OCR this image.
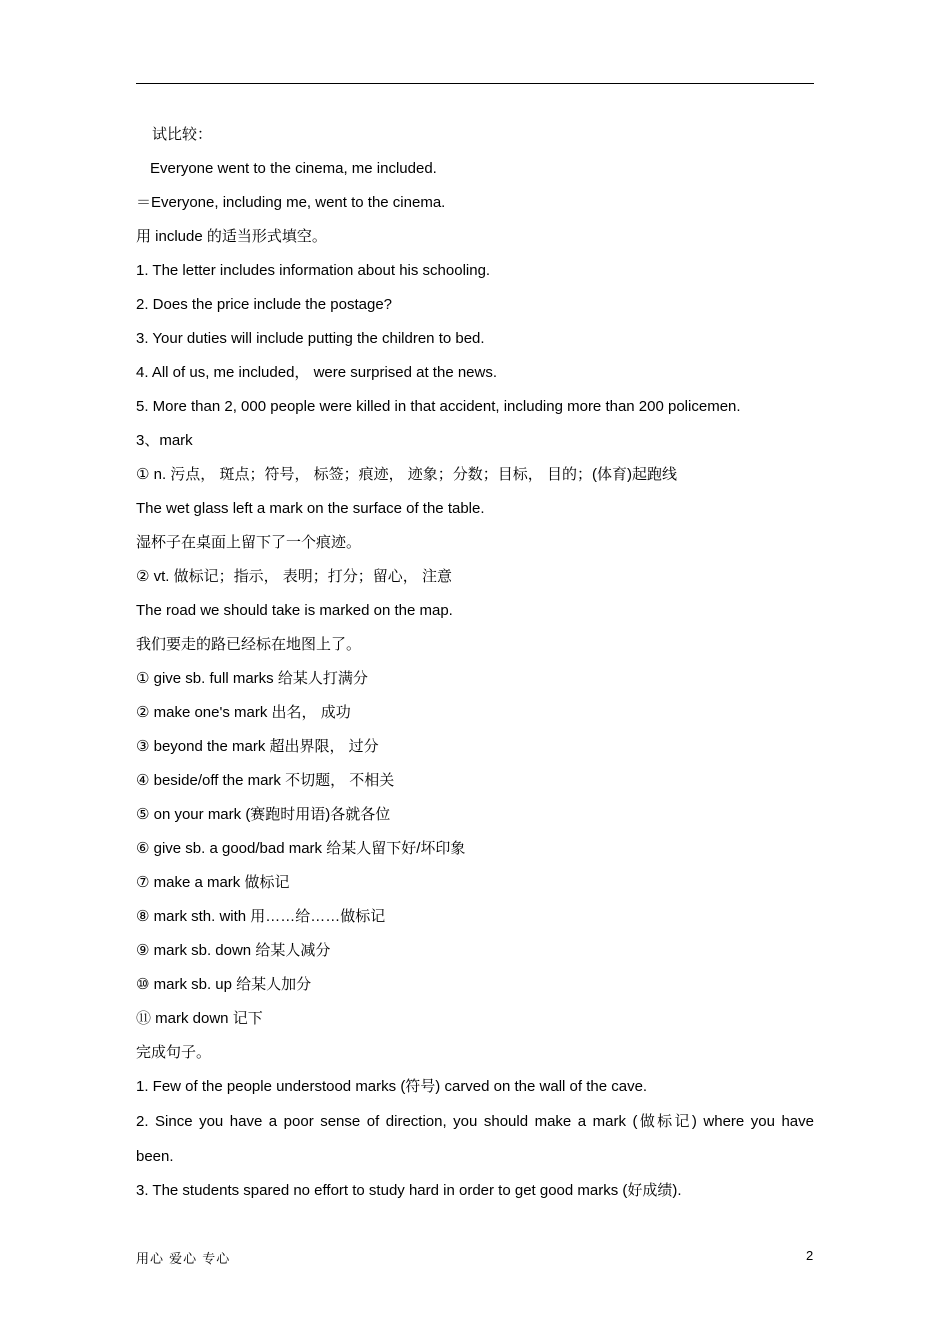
试比较：
Everyone went to the cinema, me included.
＝Everyone, including me, went to the cinema.
用 include 的适当形式填空。
1. The letter includes information about his schooling.
2. Does the price include the postage?
3. Your duties will include putting the children to bed.
4. All of us, me included， were surprised at the news.
5. More than 2, 000 people were killed in that accident, including more than 200 policemen.
3、mark
① n. 污点， 斑点；符号， 标签；痕迹， 迹象；分数；目标， 目的；(体育)起跑线
The wet glass left a mark on the surface of the table.
湿杯子在桌面上留下了一个痕迹。
② vt. 做标记；指示， 表明；打分；留心， 注意
The road we should take is marked on the map.
我们要走的路已经标在地图上了。
① give sb. full marks 给某人打满分
② make one's mark 出名， 成功
③ beyond the mark 超出界限， 过分
④ beside/off the mark 不切题， 不相关
⑤ on your mark (赛跑时用语)各就各位
⑥ give sb. a good/bad mark 给某人留下好/坏印象
⑦ make a mark 做标记
⑧ mark sth. with 用……给……做标记
⑨ mark sb. down 给某人减分
⑩ mark sb. up 给某人加分
⑪ mark down 记下
完成句子。
1. Few of the people understood marks (符号) carved on the wall of the cave.
2. Since you have a poor sense of direction, you should make a mark (做标记) where you have
been.
3. The students spared no effort to study hard in order to get good marks (好成绩).
用心 爱心 专心	2
